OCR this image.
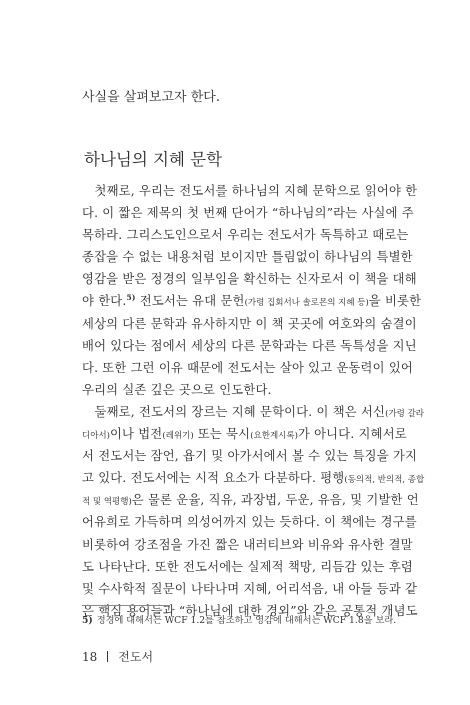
사실을 살펴보고자 한다.
하나님의 지혜 문학
 첫째로, 우리는 전도서를 하나님의 지혜 문학으로 읽어야 한
다. 이 짧은 제목의 첫 번째 단어가 “하나님의”라는 사실에 주
목하라. 그리스도인으로서 우리는 전도서가 독특하고 때로는
종잡을 수 없는 내용처럼 보이지만 틀림없이 하나님의 특별한
영감을 받은 정경의 일부임을 확신하는 신자로서 이 책을 대해
야 한다.$^{5)}$ 전도서는 유대 문헌(가령 집회서나 솔로몬의 지혜 등)을 비롯한
세상의 다른 문학과 유사하지만 이 책 곳곳에 여호와의 숨결이
배어 있다는 점에서 세상의 다른 문학과는 다른 독특성을 지닌
다. 또한 그런 이유 때문에 전도서는 살아 있고 운동력이 있어
우리의 실존 깊은 곳으로 인도한다.
 둘째로, 전도서의 장르는 지혜 문학이다. 이 책은 서신(가령 갈라
디아서)이나 법전(레위기) 또는 묵시(요한계시록)가 아니다. 지혜서로
서 전도서는 잠언, 욥기 및 아가서에서 볼 수 있는 특징을 가지
고 있다. 전도서에는 시적 요소가 다분하다. 평행(동의적, 반의적, 종합
적 및 역평행)은 물론 운율, 직유, 과장법, 두운, 유음, 및 기발한 언
어유희로 가득하며 의성어까지 있는 듯하다. 이 책에는 경구를
비롯하여 강조점을 가진 짧은 내러티브와 비유와 유사한 결말
도 나타난다. 또한 전도서에는 실제적 책망, 리듬감 있는 후렴
및 수사학적 질문이 나타나며 지혜, 어리석음, 내 아들 등과 같
은 핵심 용어들과 “하나님에 대한 경외”와 같은 공통적 개념도
5) 정경에 대해서는 WCF 1.2를 참조하고 영감에 대해서는 WCF 1.8을 보라.
18 전도서
